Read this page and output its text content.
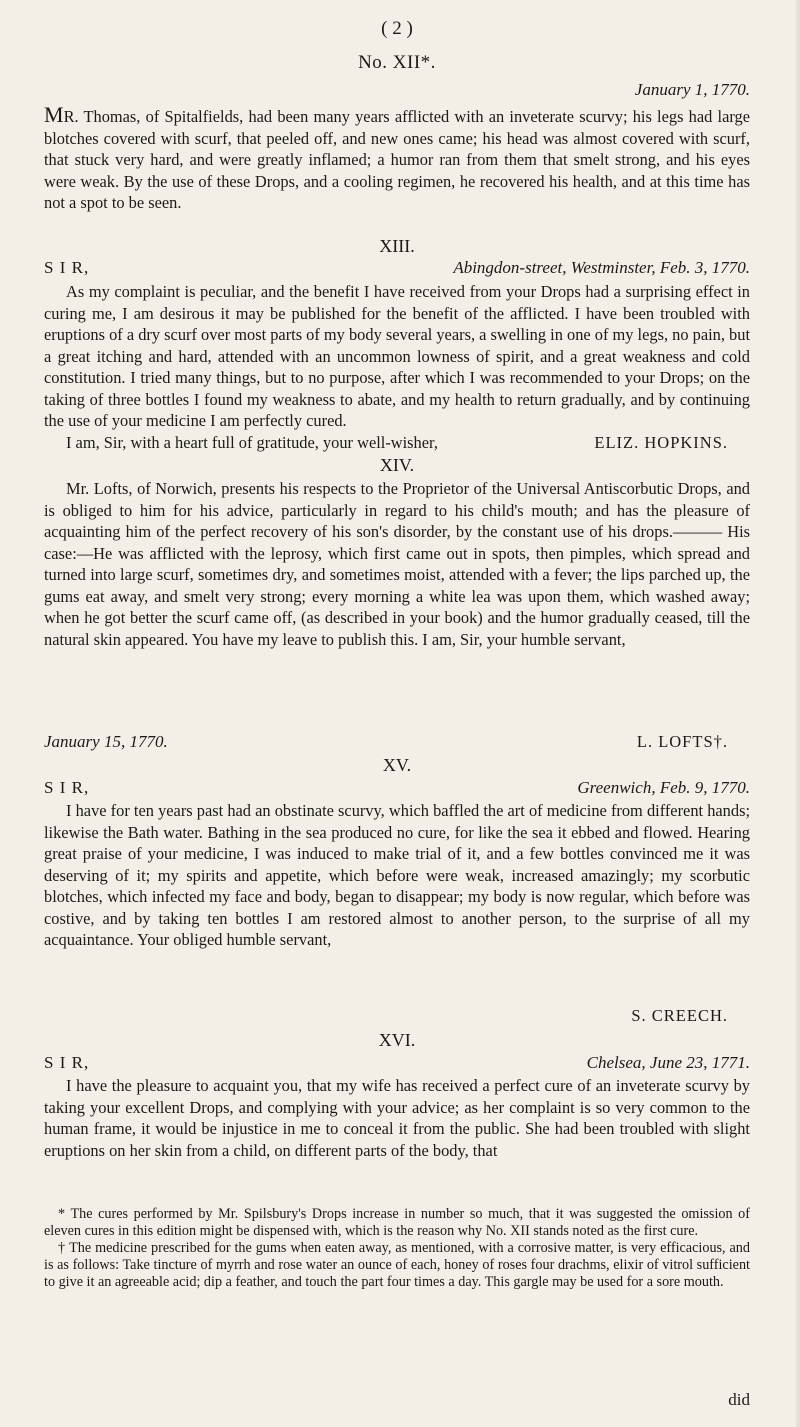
( 2 )
No. XII*.
January 1, 1770.

MR. Thomas, of Spitalfields, had been many years afflicted with an inveterate scurvy; his legs had large blotches covered with scurf, that peeled off, and new ones came; his head was almost covered with scurf, that stuck very hard, and were greatly inflamed; a humor ran from them that smelt strong, and his eyes were weak. By the use of these Drops, and a cooling regimen, he recovered his health, and at this time has not a spot to be seen.

XIII.
S I R,	Abingdon-street, Westminster, Feb. 3, 1770.

As my complaint is peculiar, and the benefit I have received from your Drops had a surprising effect in curing me, I am desirous it may be published for the benefit of the afflicted. I have been troubled with eruptions of a dry scurf over most parts of my body several years, a swelling in one of my legs, no pain, but a great itching and hard, attended with an uncommon lowness of spirit, and a great weakness and cold constitution. I tried many things, but to no purpose, after which I was recommended to your Drops; on the taking of three bottles I found my weakness to abate, and my health to return gradually, and by continuing the use of your medicine I am perfectly cured.

I am, Sir, with a heart full of gratitude, your well-wisher,	ELIZ. HOPKINS.
XIV.

Mr. Lofts, of Norwich, presents his respects to the Proprietor of the Universal Antiscorbutic Drops, and is obliged to him for his advice, particularly in regard to his child's mouth; and has the pleasure of acquainting him of the perfect recovery of his son's disorder, by the constant use of his drops.——— His case:—He was afflicted with the leprosy, which first came out in spots, then pimples, which spread and turned into large scurf, sometimes dry, and sometimes moist, attended with a fever; the lips parched up, the gums eat away, and smelt very strong; every morning a white lea was upon them, which washed away; when he got better the scurf came off, (as described in your book) and the humor gradually ceased, till the natural skin appeared. You have my leave to publish this. I am, Sir, your humble servant,

January 15, 1770.	L. LOFTS†.
XV.
S I R,	Greenwich, Feb. 9, 1770.

I have for ten years past had an obstinate scurvy, which baffled the art of medicine from different hands; likewise the Bath water. Bathing in the sea produced no cure, for like the sea it ebbed and flowed. Hearing great praise of your medicine, I was induced to make trial of it, and a few bottles convinced me it was deserving of it; my spirits and appetite, which before were weak, increased amazingly; my scorbutic blotches, which infected my face and body, began to disappear; my body is now regular, which before was costive, and by taking ten bottles I am restored almost to another person, to the surprise of all my acquaintance. Your obliged humble servant,

S. CREECH.
XVI.
S I R,	Chelsea, June 23, 1771.

I have the pleasure to acquaint you, that my wife has received a perfect cure of an inveterate scurvy by taking your excellent Drops, and complying with your advice; as her complaint is so very common to the human frame, it would be injustice in me to conceal it from the public. She had been troubled with slight eruptions on her skin from a child, on different parts of the body, that

* The cures performed by Mr. Spilsbury's Drops increase in number so much, that it was suggested the omission of eleven cures in this edition might be dispensed with, which is the reason why No. XII stands noted as the first cure.

† The medicine prescribed for the gums when eaten away, as mentioned, with a corrosive matter, is very efficacious, and is as follows: Take tincture of myrrh and rose water an ounce of each, honey of roses four drachms, elixir of vitrol sufficient to give it an agreeable acid; dip a feather, and touch the part four times a day. This gargle may be used for a sore mouth.

did
